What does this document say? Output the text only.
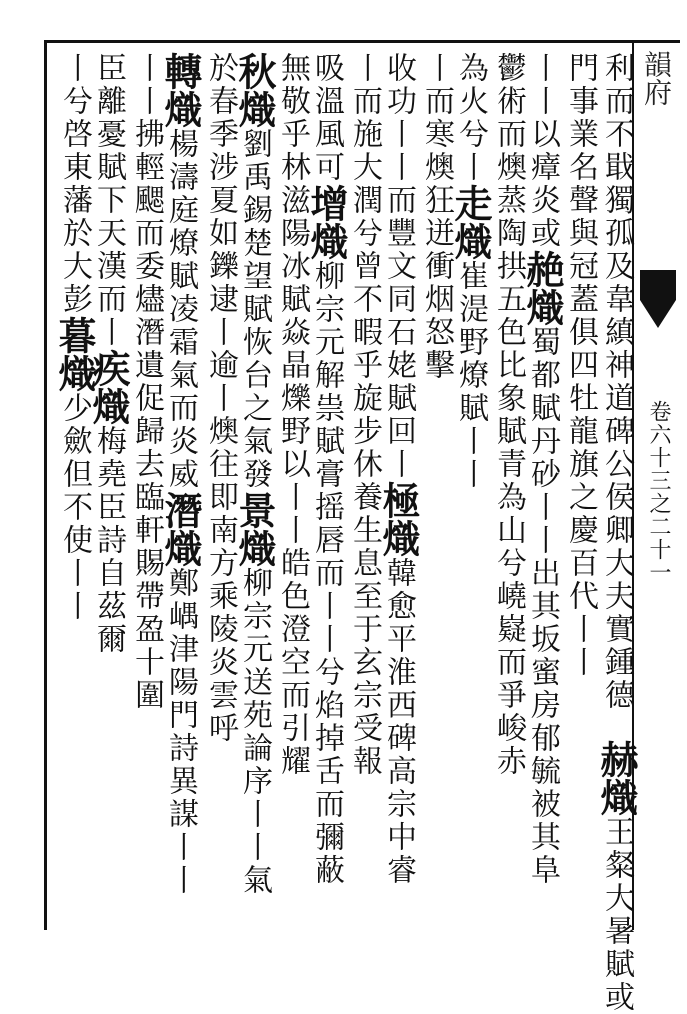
韻府
卷六十三之二十一
利而不戢獨孤及韋縝神道碑公侯卿大夫實鍾德
門事業名聲與冠蓋俱四牡龍旗之慶百代丨丨
丨丨以瘴炎或赩熾蜀都賦丹砂丨丨出其坂蜜房郁毓被其阜
鬱術而燠蒸陶拱五色比象賦青為山兮嶢嶷而爭峻赤
為火兮丨走熾崔湜野燎賦丨丨
丨而寒燠狂迸衝烟怒擊
收功丨丨而豐文同石姥賦回丨極熾韓愈平淮西碑高宗中睿
丨而施大潤兮曾不暇乎旋步休養生息至于玄宗受報
吸溫風可增熾柳宗元解祟賦膏摇唇而丨丨兮焰掉舌而彌蔽
無敬乎林滋陽冰賦焱晶爍野以丨丨皓色澄空而引耀
秋熾劉禹錫楚望賦恢台之氣發景熾柳宗元送苑論序丨丨氣
於春季涉夏如鑠逮丨逾丨燠往即南方乘陵炎雲呼
轉熾楊濤庭燎賦凌霜氣而炎威潛熾鄭嵎津陽門詩異謀丨丨
丨丨拂輕颸而委燼潛遺促歸去臨軒賜帶盈十圍
臣離憂賦下天漢而丨疾熾梅堯臣詩自茲爾
丨兮啓東藩於大彭暮熾少歛但不使丨丨
赫熾王粲大暑賦或
